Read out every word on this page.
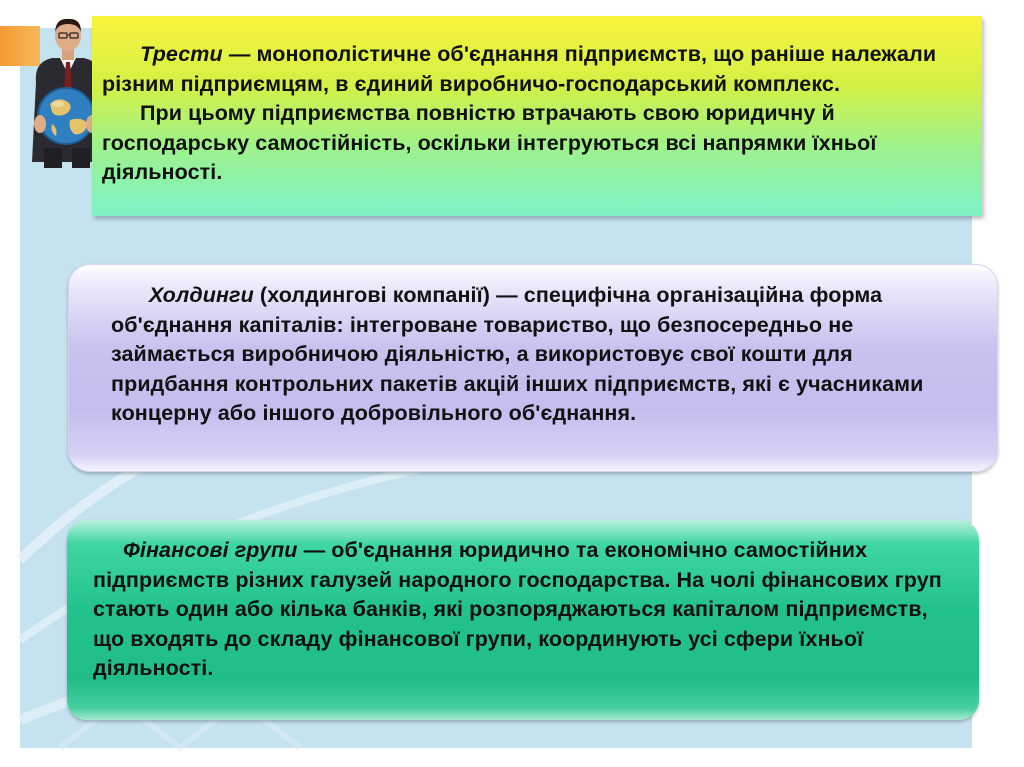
Трести — монополістичне об'єднання підприємств, що раніше належали різним підприємцям, в єдиний виробничо-господарський комплекс.

При цьому підприємства повністю втрачають свою юридичну й господарську самостійність, оскільки інтегруються всі напрямки їхньої діяльності.

Холдинги (холдингові компанії) — специфічна організаційна форма об'єднання капіталів: інтегроване товариство, що безпосередньо не займається виробничою діяльністю, а використовує свої кошти для придбання контрольних пакетів акцій інших підприємств, які є учасниками концерну або іншого добровільного об'єднання.

Фінансові групи — об'єднання юридично та економічно самостійних підприємств різних галузей народного господарства. На чолі фінансових груп стають один або кілька банків, які розпоряджаються капіталом підприємств, що входять до складу фінансової групи, координують усі сфери їхньої діяльності.
